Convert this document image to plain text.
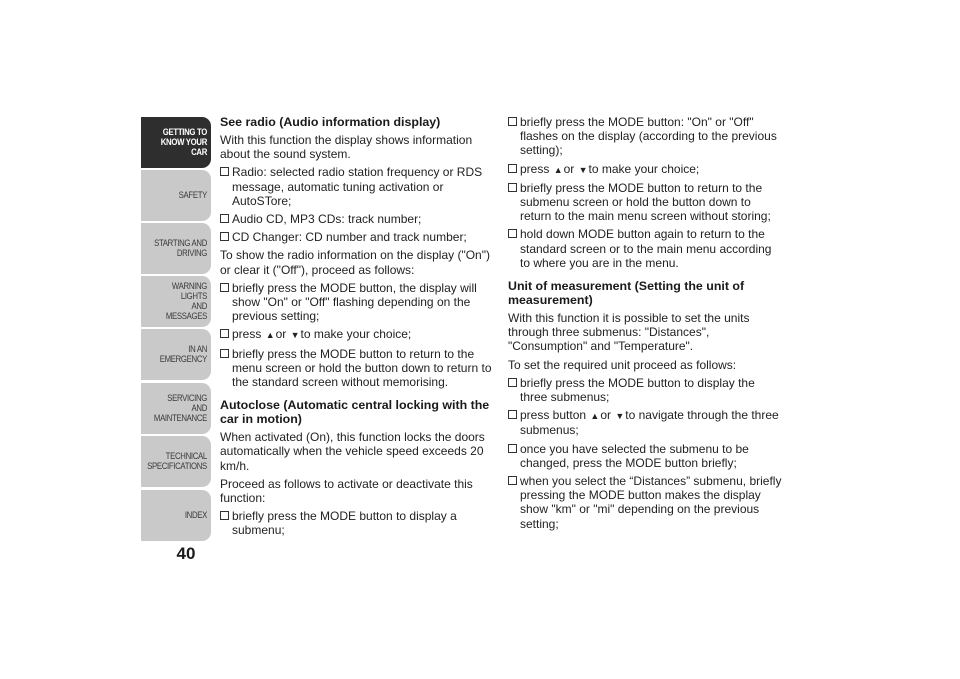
GETTING TO
KNOW YOUR CAR
SAFETY
STARTING AND
DRIVING
WARNING LIGHTS
AND MESSAGES
IN AN EMERGENCY
SERVICING AND
MAINTENANCE
TECHNICAL
SPECIFICATIONS
INDEX
40
See radio (Audio information display)

With this function the display shows information about the sound system.

Radio: selected radio station frequency or RDS message, automatic tuning activation or AutoSTore;
Audio CD, MP3 CDs: track number;
CD Changer: CD number and track number;

To show the radio information on the display ("On") or clear it ("Off"), proceed as follows:

briefly press the MODE button, the display will show "On" or "Off" flashing depending on the previous setting;
press ▲or ▼to make your choice;
briefly press the MODE button to return to the menu screen or hold the button down to return to the standard screen without memorising.
Autoclose (Automatic central locking with the car in motion)

When activated (On), this function locks the doors automatically when the vehicle speed exceeds 20 km/h.

Proceed as follows to activate or deactivate this function:

briefly press the MODE button to display a submenu;
briefly press the MODE button: "On" or "Off" flashes on the display (according to the previous setting);
press ▲or ▼to make your choice;
briefly press the MODE button to return to the submenu screen or hold the button down to return to the main menu screen without storing;
hold down MODE button again to return to the standard screen or to the main menu according to where you are in the menu.
Unit of measurement (Setting the unit of measurement)

With this function it is possible to set the units through three submenus: "Distances", "Consumption" and "Temperature".

To set the required unit proceed as follows:

briefly press the MODE button to display the three submenus;
press button ▲or ▼to navigate through the three submenus;
once you have selected the submenu to be changed, press the MODE button briefly;
when you select the “Distances” submenu, briefly pressing the MODE button makes the display show "km" or "mi" depending on the previous setting;
